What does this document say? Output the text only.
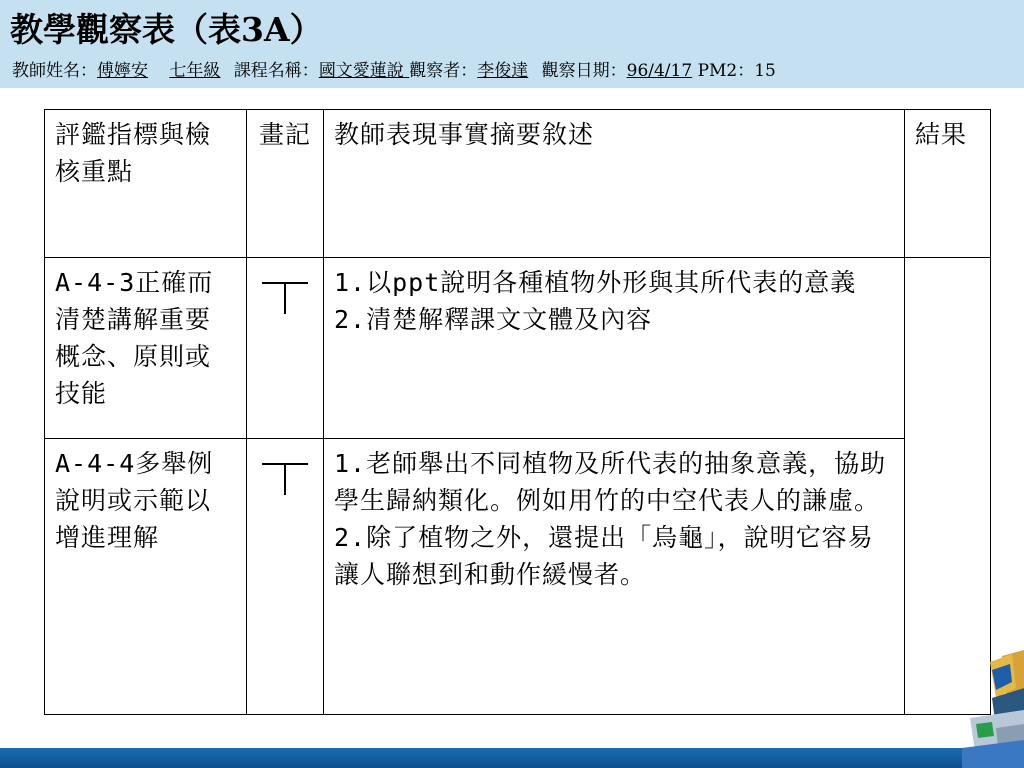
教學觀察表（表3A）
教師姓名：傅嬣安 七年級 課程名稱：國文愛蓮說 觀察者：李俊達 觀察日期：96/4/17 PM2：15
評鑑指標與檢核重點	畫記	教師表現事實摘要敘述	結果
A-4-3正確而清楚講解重要概念、原則或技能		1.以ppt說明各種植物外形與其所代表的意義
2.清楚解釋課文文體及內容	

A-4-4多舉例說明或示範以增進理解		1.老師舉出不同植物及所代表的抽象意義，協助學生歸納類化。例如用竹的中空代表人的謙虛。
2.除了植物之外，還提出「烏龜」，說明它容易讓人聯想到和動作緩慢者。	
